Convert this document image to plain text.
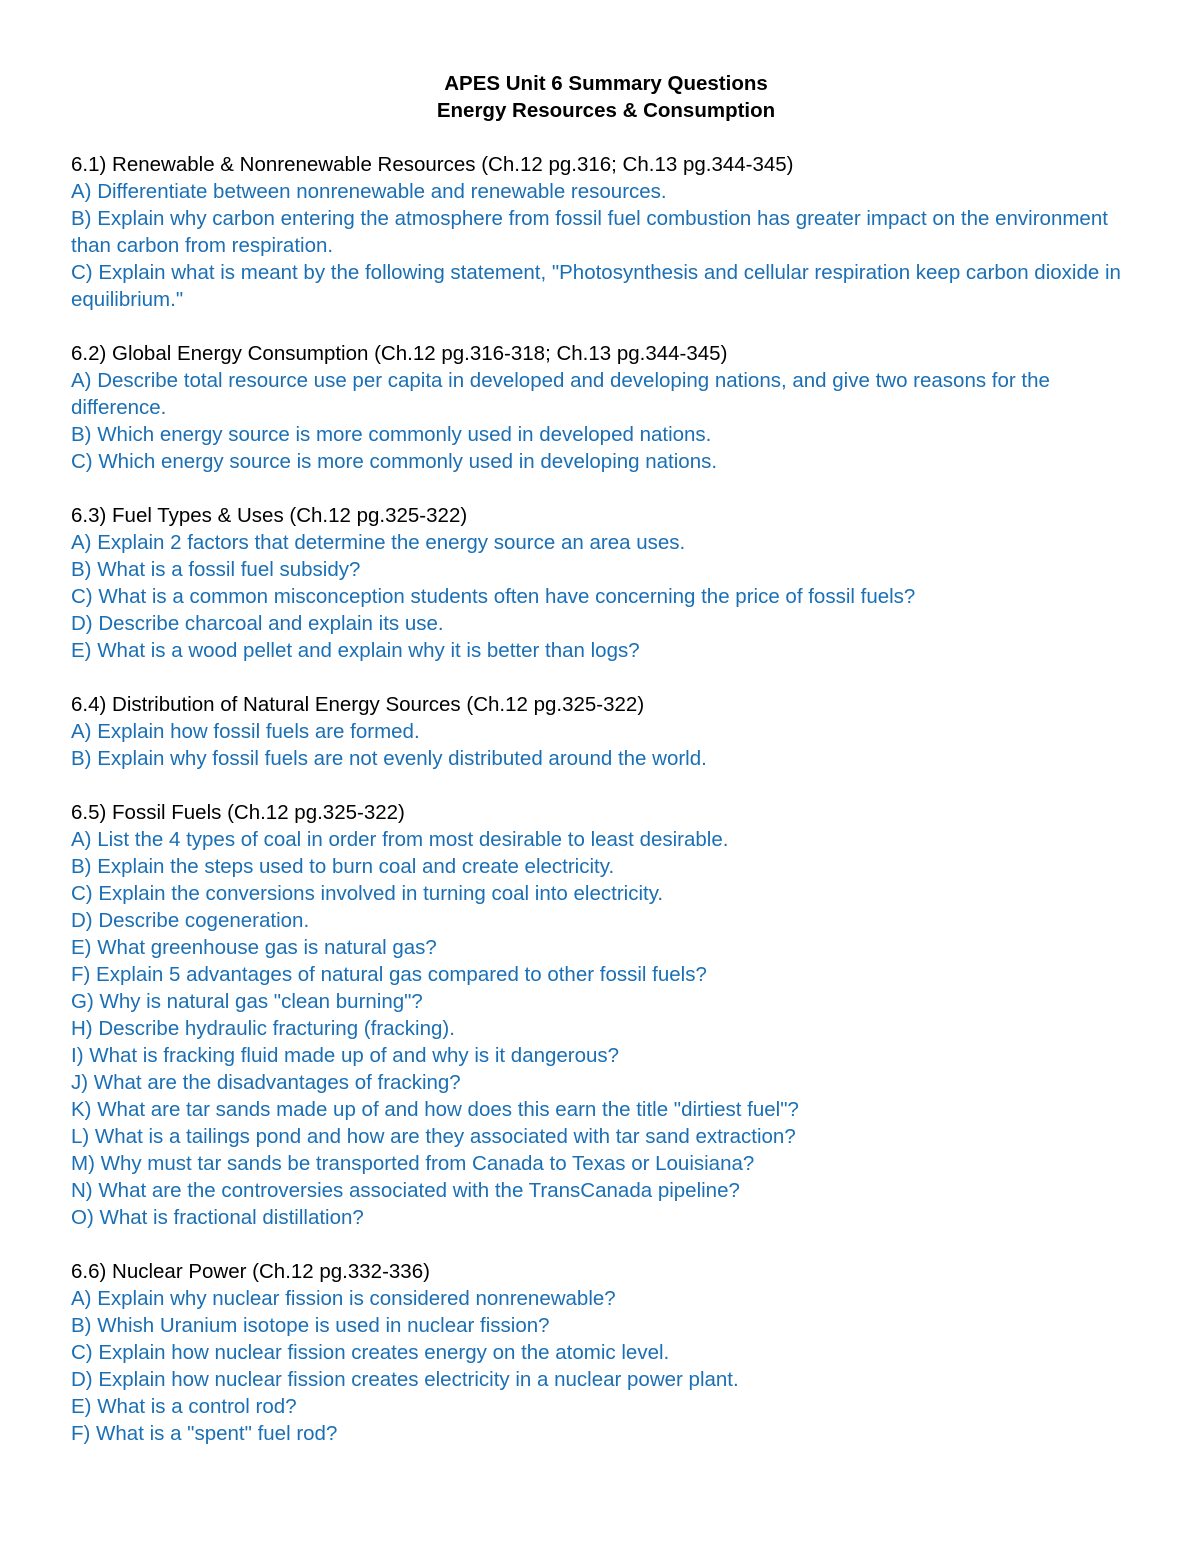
APES Unit 6 Summary Questions

Energy Resources & Consumption

6.1) Renewable & Nonrenewable Resources (Ch.12 pg.316; Ch.13 pg.344-345)

A) Differentiate between nonrenewable and renewable resources.
B) Explain why carbon entering the atmosphere from fossil fuel combustion has greater impact on the environment than carbon from respiration.
C) Explain what is meant by the following statement, "Photosynthesis and cellular respiration keep carbon dioxide in equilibrium."

6.2) Global Energy Consumption (Ch.12 pg.316-318; Ch.13 pg.344-345)

A) Describe total resource use per capita in developed and developing nations, and give two reasons for the difference.
B) Which energy source is more commonly used in developed nations.
C) Which energy source is more commonly used in developing nations.

6.3) Fuel Types & Uses (Ch.12 pg.325-322)

A) Explain 2 factors that determine the energy source an area uses.
B) What is a fossil fuel subsidy?
C) What is a common misconception students often have concerning the price of fossil fuels?
D) Describe charcoal and explain its use.
E) What is a wood pellet and explain why it is better than logs?

6.4) Distribution of Natural Energy Sources (Ch.12 pg.325-322)

A) Explain how fossil fuels are formed.
B) Explain why fossil fuels are not evenly distributed around the world.

6.5) Fossil Fuels (Ch.12 pg.325-322)

A) List the 4 types of coal in order from most desirable to least desirable.
B) Explain the steps used to burn coal and create electricity.
C) Explain the conversions involved in turning coal into electricity.
D) Describe cogeneration.
E) What greenhouse gas is natural gas?
F) Explain 5 advantages of natural gas compared to other fossil fuels?
G) Why is natural gas "clean burning"?
H) Describe hydraulic fracturing (fracking).
I) What is fracking fluid made up of and why is it dangerous?
J) What are the disadvantages of fracking?
K) What are tar sands made up of and how does this earn the title "dirtiest fuel"?
L) What is a tailings pond and how are they associated with tar sand extraction?
M) Why must tar sands be transported from Canada to Texas or Louisiana?
N) What are the controversies associated with the TransCanada pipeline?
O) What is fractional distillation?

6.6) Nuclear Power (Ch.12 pg.332-336)

A) Explain why nuclear fission is considered nonrenewable?
B) Whish Uranium isotope is used in nuclear fission?
C) Explain how nuclear fission creates energy on the atomic level.
D) Explain how nuclear fission creates electricity in a nuclear power plant.
E) What is a control rod?
F) What is a "spent" fuel rod?
